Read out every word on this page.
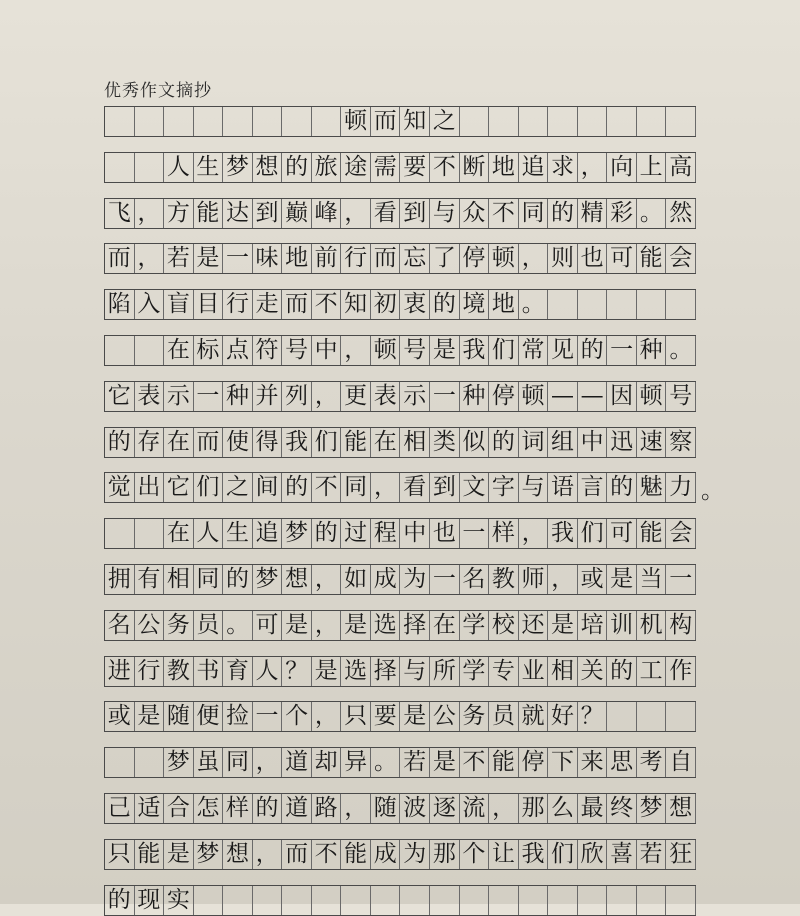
优秀作文摘抄
顿 而 知 之
人 生 梦 想 的 旅 途 需 要 不 断 地 追 求 ， 向 上 高
飞 ， 方 能 达 到 巅 峰 ， 看 到 与 众 不 同 的 精 彩 。 然
而 ， 若 是 一 味 地 前 行 而 忘 了 停 顿 ， 则 也 可 能 会
陷 入 盲 目 行 走 而 不 知 初 衷 的 境 地 。
在 标 点 符 号 中 ， 顿 号 是 我 们 常 见 的 一 种 。
它 表 示 一 种 并 列 ， 更 表 示 一 种 停 顿 — — 因 顿 号
的 存 在 而 使 得 我 们 能 在 相 类 似 的 词 组 中 迅 速 察
觉 出 它 们 之 间 的 不 同 ， 看 到 文 字 与 语 言 的 魅 力 。
在 人 生 追 梦 的 过 程 中 也 一 样 ， 我 们 可 能 会
拥 有 相 同 的 梦 想 ， 如 成 为 一 名 教 师 ， 或 是 当 一
名 公 务 员 。 可 是 ， 是 选 择 在 学 校 还 是 培 训 机 构
进 行 教 书 育 人 ？ 是 选 择 与 所 学 专 业 相 关 的 工 作
或 是 随 便 捡 一 个 ， 只 要 是 公 务 员 就 好 ？
梦 虽 同 ， 道 却 异 。 若 是 不 能 停 下 来 思 考 自
己 适 合 怎 样 的 道 路 ， 随 波 逐 流 ， 那 么 最 终 梦 想
只 能 是 梦 想 ， 而 不 能 成 为 那 个 让 我 们 欣 喜 若 狂
的 现 实
